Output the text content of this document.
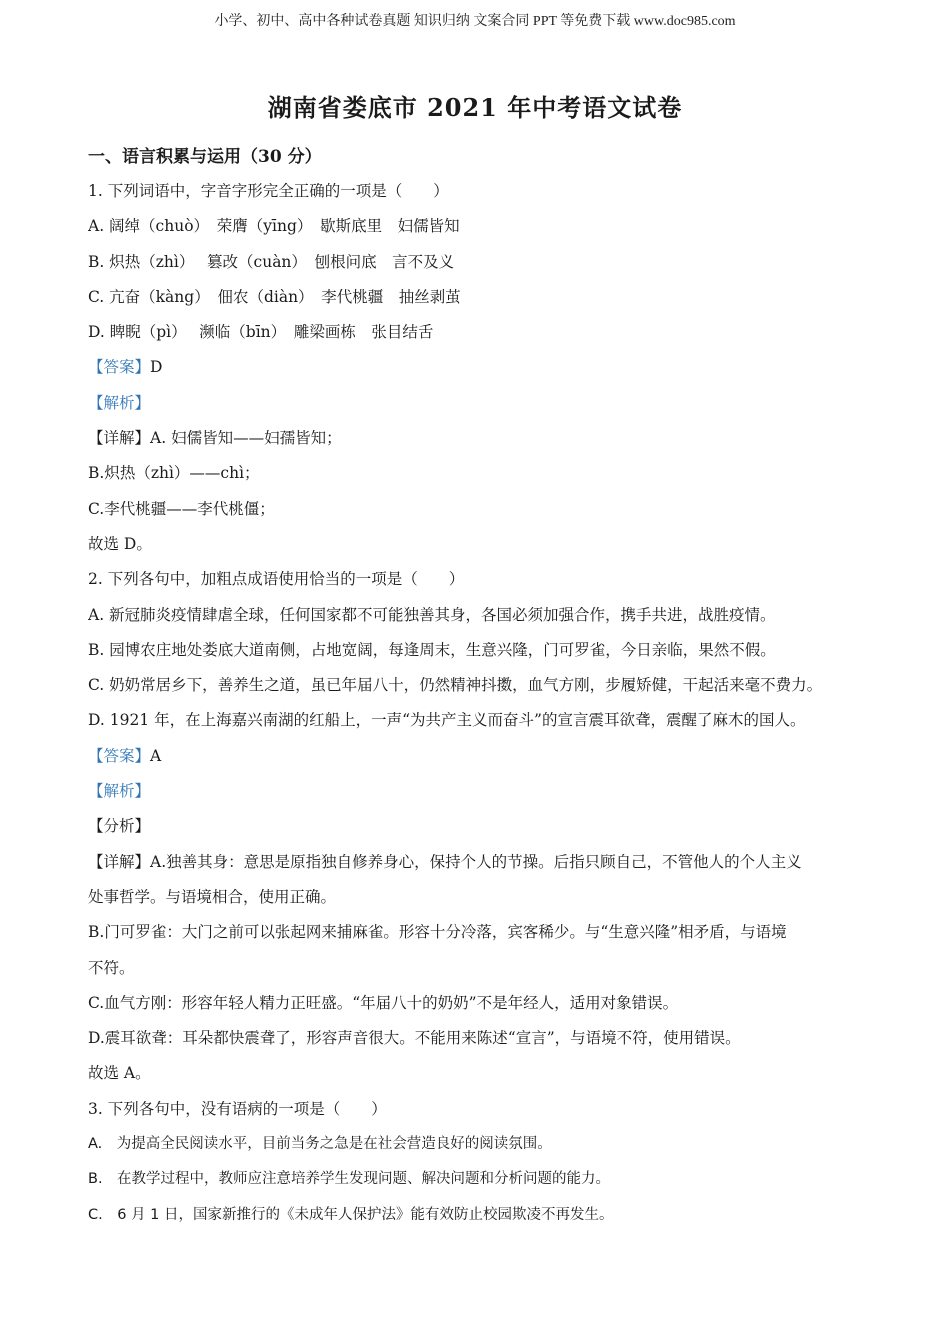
小学、初中、高中各种试卷真题 知识归纳 文案合同 PPT 等免费下载 www.doc985.com
湖南省娄底市 2021 年中考语文试卷
一、语言积累与运用（30 分）
1. 下列词语中，字音字形完全正确的一项是（　　）
A. 阔绰（chuò）　荣膺（yīng）　歇斯底里　妇儒皆知
B. 炽热（zhì）　 篡改（cuàn）　刨根问底　言不及义
C. 亢奋（kàng）　佃农（diàn）　李代桃疆　抽丝剥茧
D. 睥睨（pì）　 濒临（bīn）　雕梁画栋　张目结舌
【答案】D
【解析】
【详解】A. 妇儒皆知——妇孺皆知；
B.炽热（zhì）——chì；
C.李代桃疆——李代桃僵；
故选 D。
2. 下列各句中，加粗点成语使用恰当的一项是（　　）
A. 新冠肺炎疫情肆虐全球，任何国家都不可能独善其身，各国必须加强合作，携手共进，战胜疫情。
B. 园博农庄地处娄底大道南侧，占地宽阔，每逢周末，生意兴隆，门可罗雀，今日亲临，果然不假。
C. 奶奶常居乡下，善养生之道，虽已年届八十，仍然精神抖擞，血气方刚，步履矫健，干起活来毫不费力。
D. 1921 年，在上海嘉兴南湖的红船上，一声“为共产主义而奋斗”的宣言震耳欲聋，震醒了麻木的国人。
【答案】A
【解析】
【分析】
【详解】A.独善其身：意思是原指独自修养身心，保持个人的节操。后指只顾自己，不管他人的个人主义
处事哲学。与语境相合，使用正确。
B.门可罗雀：大门之前可以张起网来捕麻雀。形容十分冷落，宾客稀少。与“生意兴隆”相矛盾，与语境
不符。
C.血气方刚：形容年轻人精力正旺盛。“年届八十的奶奶”不是年经人，适用对象错误。
D.震耳欲聋：耳朵都快震聋了，形容声音很大。不能用来陈述“宣言”，与语境不符，使用错误。
故选 A。
3. 下列各句中，没有语病的一项是（　　）
A.　为提高全民阅读水平，目前当务之急是在社会营造良好的阅读氛围。
B.　在教学过程中，教师应注意培养学生发现问题、解决问题和分析问题的能力。
C.　6 月 1 日，国家新推行的《未成年人保护法》能有效防止校园欺凌不再发生。
